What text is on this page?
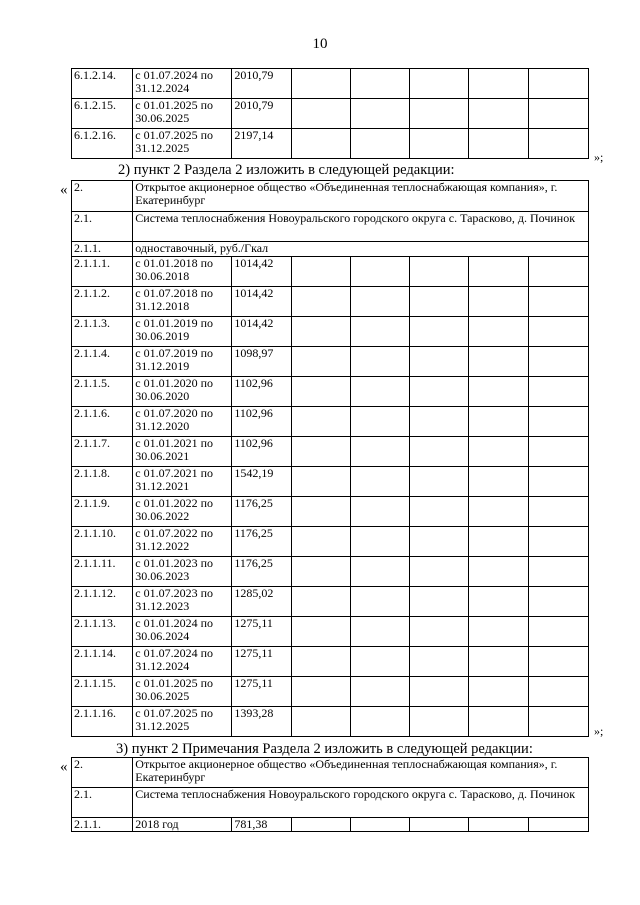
10
6.1.2.14.	с 01.07.2024 по 31.12.2024	2010,79					
6.1.2.15.	с 01.01.2025 по 30.06.2025	2010,79					
6.1.2.16.	с 01.07.2025 по 31.12.2025	2197,14					
»;
2) пункт 2 Раздела 2 изложить в следующей редакции:
« 2.	Открытое акционерное общество «Объединенная теплоснабжающая компания», г. Екатеринбург						
2.1.	Система теплоснабжения Новоуральского городского округа с. Тарасково, д. Починок						
2.1.1.	одноставочный, руб./Гкал						
2.1.1.1.	с 01.01.2018 по 30.06.2018	1014,42					
2.1.1.2.	с 01.07.2018 по 31.12.2018	1014,42					
2.1.1.3.	с 01.01.2019 по 30.06.2019	1014,42					
2.1.1.4.	с 01.07.2019 по 31.12.2019	1098,97					
2.1.1.5.	с 01.01.2020 по 30.06.2020	1102,96					
2.1.1.6.	с 01.07.2020 по 31.12.2020	1102,96					
2.1.1.7.	с 01.01.2021 по 30.06.2021	1102,96					
2.1.1.8.	с 01.07.2021 по 31.12.2021	1542,19					
2.1.1.9.	с 01.01.2022 по 30.06.2022	1176,25					
2.1.1.10.	с 01.07.2022 по 31.12.2022	1176,25					
2.1.1.11.	с 01.01.2023 по 30.06.2023	1176,25					
2.1.1.12.	с 01.07.2023 по 31.12.2023	1285,02					
2.1.1.13.	с 01.01.2024 по 30.06.2024	1275,11					
2.1.1.14.	с 01.07.2024 по 31.12.2024	1275,11					
2.1.1.15.	с 01.01.2025 по 30.06.2025	1275,11					
2.1.1.16.	с 01.07.2025 по 31.12.2025	1393,28					
»;
3) пункт 2 Примечания Раздела 2 изложить в следующей редакции:
« 2.	Открытое акционерное общество «Объединенная теплоснабжающая компания», г. Екатеринбург						
2.1.	Система теплоснабжения Новоуральского городского округа с. Тарасково, д. Починок						
2.1.1.	2018 год	781,38					
